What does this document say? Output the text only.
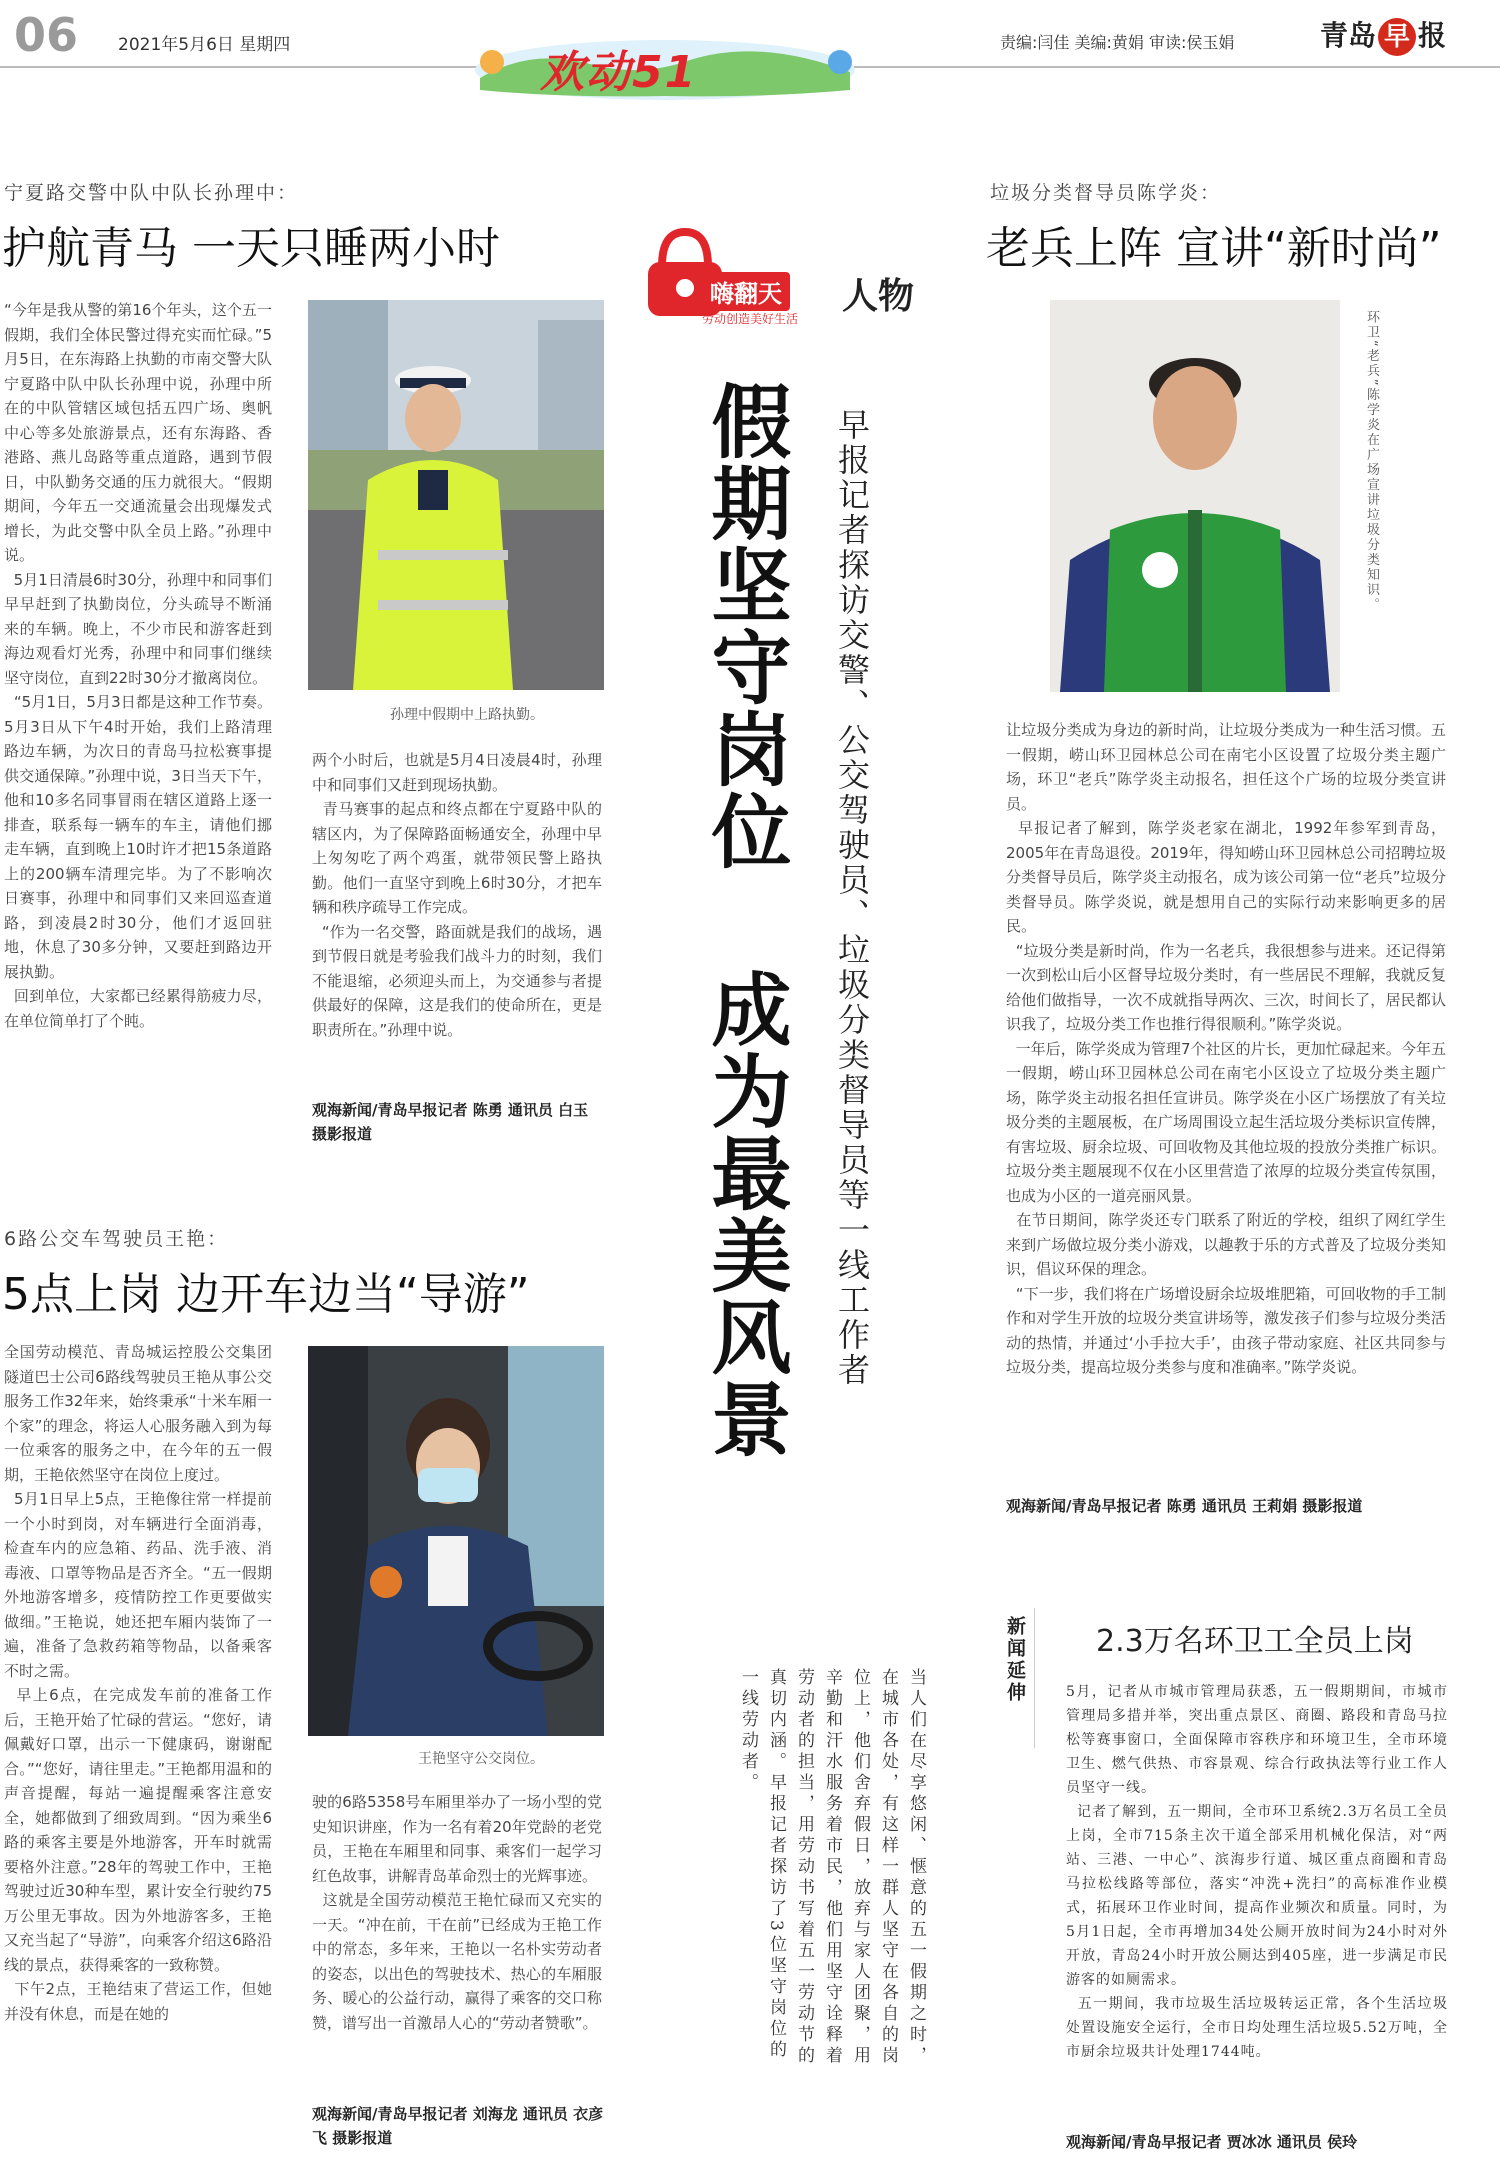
06 2021年5月6日 星期四
欢动51
责编:闫佳 美编:黄娟 审读:侯玉娟	青岛 早 报
宁夏路交警中队中队长孙理中：
护航青马 一天只睡两小时
“今年是我从警的第16个年头，这个五一假期，我们全体民警过得充实而忙碌。”5月5日，在东海路上执勤的市南交警大队宁夏路中队中队长孙理中说，孙理中所在的中队管辖区域包括五四广场、奥帆中心等多处旅游景点，还有东海路、香港路、燕儿岛路等重点道路，遇到节假日，中队勤务交通的压力就很大。“假期期间，今年五一交通流量会出现爆发式增长，为此交警中队全员上路。”孙理中说。
5月1日清晨6时30分，孙理中和同事们早早赶到了执勤岗位，分头疏导不断涌来的车辆。晚上，不少市民和游客赶到海边观看灯光秀，孙理中和同事们继续坚守岗位，直到22时30分才撤离岗位。
“5月1日，5月3日都是这种工作节奏。5月3日从下午4时开始，我们上路清理路边车辆，为次日的青岛马拉松赛事提供交通保障。”孙理中说，3日当天下午，他和10多名同事冒雨在辖区道路上逐一排查，联系每一辆车的车主，请他们挪走车辆，直到晚上10时许才把15条道路上的200辆车清理完毕。为了不影响次日赛事，孙理中和同事们又来回巡查道路，到凌晨2时30分，他们才返回驻地，休息了30多分钟，又要赶到路边开展执勤。
回到单位，大家都已经累得筋疲力尽，在单位简单打了个盹。
孙理中假期中上路执勤。
两个小时后，也就是5月4日凌晨4时，孙理中和同事们又赶到现场执勤。
青马赛事的起点和终点都在宁夏路中队的辖区内，为了保障路面畅通安全，孙理中早上匆匆吃了两个鸡蛋，就带领民警上路执勤。他们一直坚守到晚上6时30分，才把车辆和秩序疏导工作完成。
“作为一名交警，路面就是我们的战场，遇到节假日就是考验我们战斗力的时刻，我们不能退缩，必须迎头而上，为交通参与者提供最好的保障，这是我们的使命所在，更是职责所在。”孙理中说。
观海新闻/青岛早报记者 陈勇 通讯员 白玉 摄影报道
6路公交车驾驶员王艳：
5点上岗 边开车边当“导游”
全国劳动模范、青岛城运控股公交集团隧道巴士公司6路线驾驶员王艳从事公交服务工作32年来，始终秉承“十米车厢一个家”的理念，将运人心服务融入到为每一位乘客的服务之中，在今年的五一假期，王艳依然坚守在岗位上度过。
5月1日早上5点，王艳像往常一样提前一个小时到岗，对车辆进行全面消毒，检查车内的应急箱、药品、洗手液、消毒液、口罩等物品是否齐全。“五一假期外地游客增多，疫情防控工作更要做实做细。”王艳说，她还把车厢内装饰了一遍，准备了急救药箱等物品，以备乘客不时之需。
早上6点，在完成发车前的准备工作后，王艳开始了忙碌的营运。“您好，请佩戴好口罩，出示一下健康码，谢谢配合。”“您好，请往里走。”王艳都用温和的声音提醒，每站一遍提醒乘客注意安全，她都做到了细致周到。“因为乘坐6路的乘客主要是外地游客，开车时就需要格外注意。”28年的驾驶工作中，王艳驾驶过近30种车型，累计安全行驶约75万公里无事故。因为外地游客多，王艳又充当起了“导游”，向乘客介绍这6路沿线的景点，获得乘客的一致称赞。
下午2点，王艳结束了营运工作，但她并没有休息，而是在她的
王艳坚守公交岗位。
驶的6路5358号车厢里举办了一场小型的党史知识讲座，作为一名有着20年党龄的老党员，王艳在车厢里和同事、乘客们一起学习红色故事，讲解青岛革命烈士的光辉事迹。
这就是全国劳动模范王艳忙碌而又充实的一天。“冲在前，干在前”已经成为王艳工作中的常态，多年来，王艳以一名朴实劳动者的姿态，以出色的驾驶技术、热心的车厢服务、暖心的公益行动，赢得了乘客的交口称赞，谱写出一首激昂人心的“劳动者赞歌”。
观海新闻/青岛早报记者 刘海龙 通讯员 衣彦飞 摄影报道
嗨翻天
劳动创造美好生活
人物
假期坚守岗位
成为最美风景 早报记者探访交警、公交驾驶员、垃圾分类督导员等一线工作者
当人们在尽享悠闲、惬意的五一假期之时，在城市各处，有这样一群人坚守在各自的岗位上，他们舍弃假日，放弃与家人团聚，用辛勤和汗水服务着市民，他们用坚守诠释着劳动者的担当，用劳动书写着五一劳动节的真切内涵。早报记者探访了3位坚守岗位的一线劳动者。
垃圾分类督导员陈学炎：
老兵上阵 宣讲“新时尚”
环卫“老兵”陈学炎在广场宣讲垃圾分类知识。
让垃圾分类成为身边的新时尚，让垃圾分类成为一种生活习惯。五一假期，崂山环卫园林总公司在南宅小区设置了垃圾分类主题广场，环卫“老兵”陈学炎主动报名，担任这个广场的垃圾分类宣讲员。
早报记者了解到，陈学炎老家在湖北，1992年参军到青岛，2005年在青岛退役。2019年，得知崂山环卫园林总公司招聘垃圾分类督导员后，陈学炎主动报名，成为该公司第一位“老兵”垃圾分类督导员。陈学炎说，就是想用自己的实际行动来影响更多的居民。
“垃圾分类是新时尚，作为一名老兵，我很想参与进来。还记得第一次到松山后小区督导垃圾分类时，有一些居民不理解，我就反复给他们做指导，一次不成就指导两次、三次，时间长了，居民都认识我了，垃圾分类工作也推行得很顺利。”陈学炎说。
一年后，陈学炎成为管理7个社区的片长，更加忙碌起来。今年五一假期，崂山环卫园林总公司在南宅小区设立了垃圾分类主题广场，陈学炎主动报名担任宣讲员。陈学炎在小区广场摆放了有关垃圾分类的主题展板，在广场周围设立起生活垃圾分类标识宣传牌，有害垃圾、厨余垃圾、可回收物及其他垃圾的投放分类推广标识。垃圾分类主题展现不仅在小区里营造了浓厚的垃圾分类宣传氛围，也成为小区的一道亮丽风景。
在节日期间，陈学炎还专门联系了附近的学校，组织了网红学生来到广场做垃圾分类小游戏，以趣教于乐的方式普及了垃圾分类知识，倡议环保的理念。
“下一步，我们将在广场增设厨余垃圾堆肥箱，可回收物的手工制作和对学生开放的垃圾分类宣讲场等，激发孩子们参与垃圾分类活动的热情，并通过‘小手拉大手’，由孩子带动家庭、社区共同参与垃圾分类，提高垃圾分类参与度和准确率。”陈学炎说。
观海新闻/青岛早报记者 陈勇 通讯员 王莉娟 摄影报道
新闻延伸 2.3万名环卫工全员上岗
5月，记者从市城市管理局获悉，五一假期期间，市城市管理局多措并举，突出重点景区、商圈、路段和青岛马拉松等赛事窗口，全面保障市容秩序和环境卫生，全市环境卫生、燃气供热、市容景观、综合行政执法等行业工作人员坚守一线。
记者了解到，五一期间，全市环卫系统2.3万名员工全员上岗，全市715条主次干道全部采用机械化保洁，对“两站、三港、一中心”、滨海步行道、城区重点商圈和青岛马拉松线路等部位，落实“冲洗+洗扫”的高标准作业模式，拓展环卫作业时间，提高作业频次和质量。同时，为5月1日起，全市再增加34处公厕开放时间为24小时对外开放，青岛24小时开放公厕达到405座，进一步满足市民游客的如厕需求。
五一期间，我市垃圾生活垃圾转运正常，各个生活垃圾处置设施安全运行，全市日均处理生活垃圾5.52万吨，全市厨余垃圾共计处理1744吨。
观海新闻/青岛早报记者 贾冰冰 通讯员 侯玲
